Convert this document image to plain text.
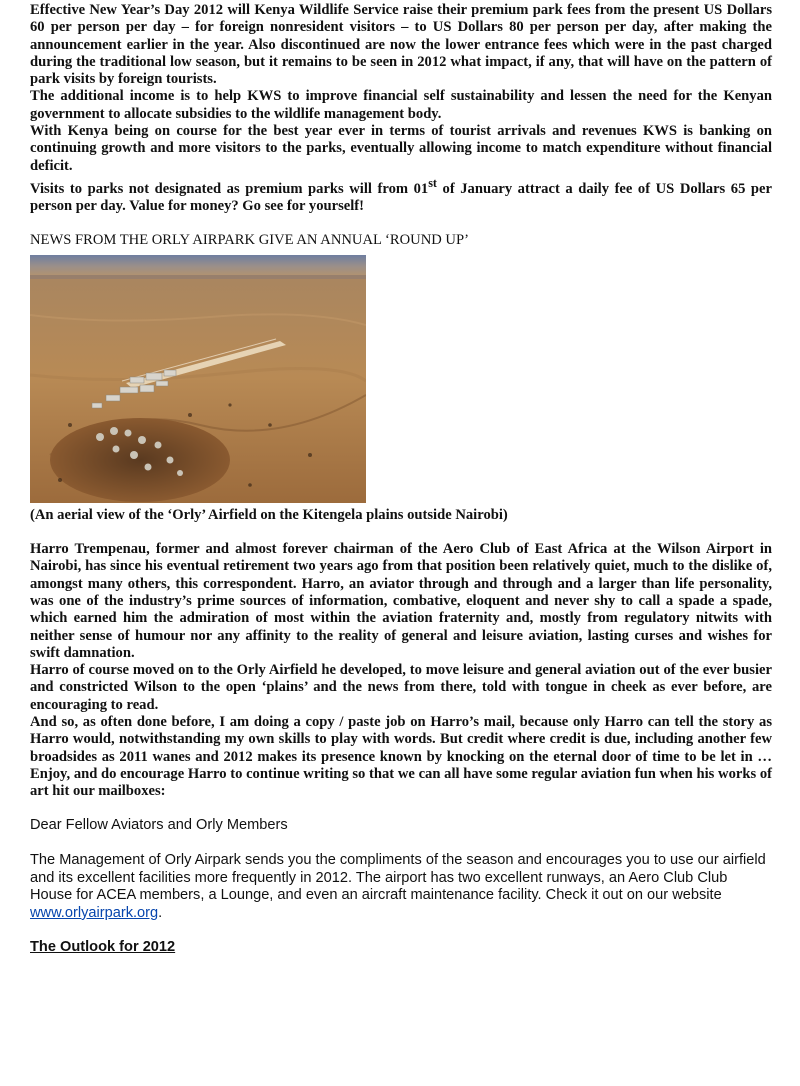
Effective New Year’s Day 2012 will Kenya Wildlife Service raise their premium park fees from the present US Dollars 60 per person per day – for foreign nonresident visitors – to US Dollars 80 per person per day, after making the announcement earlier in the year. Also discontinued are now the lower entrance fees which were in the past charged during the traditional low season, but it remains to be seen in 2012 what impact, if any, that will have on the pattern of park visits by foreign tourists.

The additional income is to help KWS to improve financial self sustainability and lessen the need for the Kenyan government to allocate subsidies to the wildlife management body.

With Kenya being on course for the best year ever in terms of tourist arrivals and revenues KWS is banking on continuing growth and more visitors to the parks, eventually allowing income to match expenditure without financial deficit.

Visits to parks not designated as premium parks will from 01st of January attract a daily fee of US Dollars 65 per person per day. Value for money? Go see for yourself!

NEWS FROM THE ORLY AIRPARK GIVE AN ANNUAL ‘ROUND UP’

(An aerial view of the ‘Orly’ Airfield on the Kitengela plains outside Nairobi)

Harro Trempenau, former and almost forever chairman of the Aero Club of East Africa at the Wilson Airport in Nairobi, has since his eventual retirement two years ago from that position been relatively quiet, much to the dislike of, amongst many others, this correspondent. Harro, an aviator through and through and a larger than life personality, was one of the industry’s prime sources of information, combative, eloquent and never shy to call a spade a spade, which earned him the admiration of most within the aviation fraternity and, mostly from regulatory nitwits with neither sense of humour nor any affinity to the reality of general and leisure aviation, lasting curses and wishes for swift damnation.

Harro of course moved on to the Orly Airfield he developed, to move leisure and general aviation out of the ever busier and constricted Wilson to the open ‘plains’ and the news from there, told with tongue in cheek as ever before, are encouraging to read.

And so, as often done before, I am doing a copy / paste job on Harro’s mail, because only Harro can tell the story as Harro would, notwithstanding my own skills to play with words. But credit where credit is due, including another few broadsides as 2011 wanes and 2012 makes its presence known by knocking on the eternal door of time to be let in … Enjoy, and do encourage Harro to continue writing so that we can all have some regular aviation fun when his works of art hit our mailboxes:

Dear Fellow Aviators and Orly Members

The Management of Orly Airpark sends you the compliments of the season and encourages you to use our airfield and its excellent facilities more frequently in 2012. The airport has two excellent runways, an Aero Club Club House for ACEA members, a Lounge, and even an aircraft maintenance facility. Check it out on our website www.orlyairpark.org.

The Outlook for 2012
